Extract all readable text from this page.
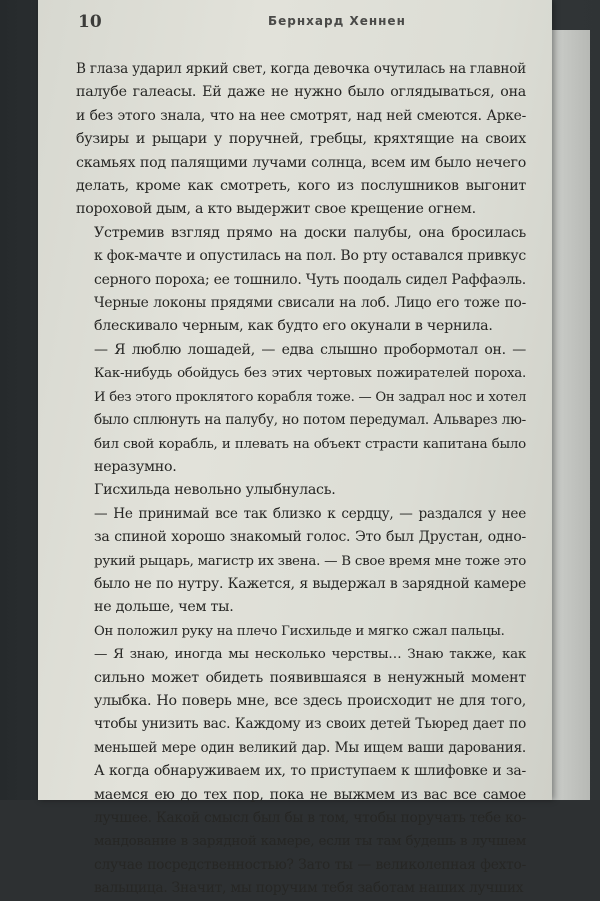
10	Бернхард Хеннен
В глаза ударил яркий свет, когда девочка очутилась на главной
палубе галеасы. Ей даже не нужно было оглядываться, она
и без этого знала, что на нее смотрят, над ней смеются. Арке-
бузиры и рыцари у поручней, гребцы, кряхтящие на своих
скамьях под палящими лучами солнца, всем им было нечего
делать, кроме как смотреть, кого из послушников выгонит
пороховой дым, а кто выдержит свое крещение огнем.
Устремив взгляд прямо на доски палубы, она бросилась
к фок-мачте и опустилась на пол. Во рту оставался привкус
серного пороха; ее тошнило. Чуть поодаль сидел Раффаэль.
Черные локоны прядями свисали на лоб. Лицо его тоже по-
блескивало черным, как будто его окунали в чернила.
— Я люблю лошадей, — едва слышно пробормотал он. —
Как-нибудь обойдусь без этих чертовых пожирателей пороха.
И без этого проклятого корабля тоже. — Он задрал нос и хотел
было сплюнуть на палубу, но потом передумал. Альварез лю-
бил свой корабль, и плевать на объект страсти капитана было
неразумно.
Гисхильда невольно улыбнулась.
— Не принимай все так близко к сердцу, — раздался у нее
за спиной хорошо знакомый голос. Это был Друстан, одно-
рукий рыцарь, магистр их звена. — В свое время мне тоже это
было не по нутру. Кажется, я выдержал в зарядной камере
не дольше, чем ты.
Он положил руку на плечо Гисхильде и мягко сжал пальцы.
— Я знаю, иногда мы несколько черствы… Знаю также, как
сильно может обидеть появившаяся в ненужный момент
улыбка. Но поверь мне, все здесь происходит не для того,
чтобы унизить вас. Каждому из своих детей Тьюред дает по
меньшей мере один великий дар. Мы ищем ваши дарования.
А когда обнаруживаем их, то приступаем к шлифовке и за-
маемся ею до тех пор, пока не выжмем из вас все самое
лучшее. Какой смысл был бы в том, чтобы поручать тебе ко-
мандование в зарядной камере, если ты там будешь в лучшем
случае посредственностью? Зато ты — великолепная фехто-
вальщица. Значит, мы поручим тебя заботам наших лучших
